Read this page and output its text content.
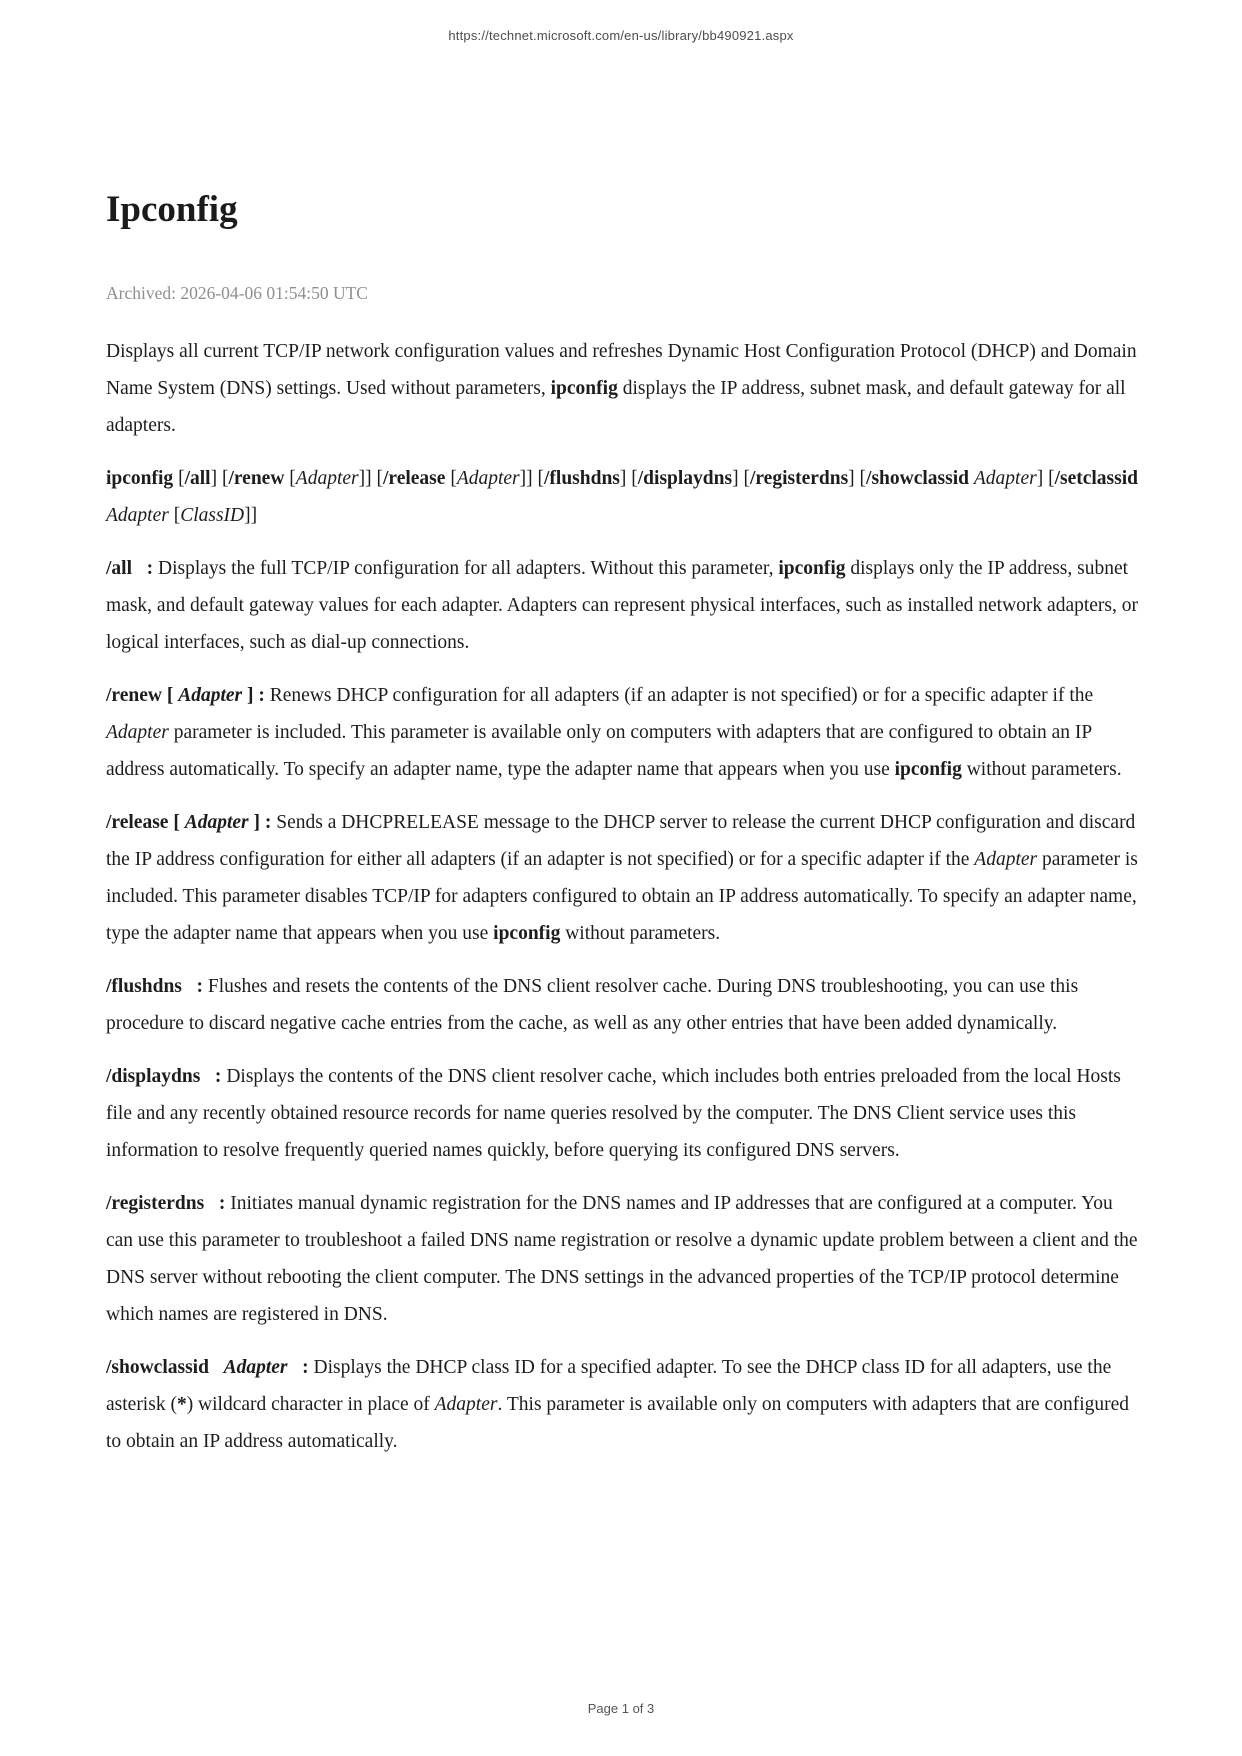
https://technet.microsoft.com/en-us/library/bb490921.aspx
Ipconfig
Archived: 2026-04-06 01:54:50 UTC

Displays all current TCP/IP network configuration values and refreshes Dynamic Host Configuration Protocol (DHCP) and Domain Name System (DNS) settings. Used without parameters, ipconfig displays the IP address, subnet mask, and default gateway for all adapters.

ipconfig [/all] [/renew [Adapter]] [/release [Adapter]] [/flushdns] [/displaydns] [/registerdns] [/showclassid Adapter] [/setclassid Adapter [ClassID]]

/all   : Displays the full TCP/IP configuration for all adapters. Without this parameter, ipconfig displays only the IP address, subnet mask, and default gateway values for each adapter. Adapters can represent physical interfaces, such as installed network adapters, or logical interfaces, such as dial-up connections.

/renew [ Adapter ] : Renews DHCP configuration for all adapters (if an adapter is not specified) or for a specific adapter if the Adapter parameter is included. This parameter is available only on computers with adapters that are configured to obtain an IP address automatically. To specify an adapter name, type the adapter name that appears when you use ipconfig without parameters.

/release [ Adapter ] : Sends a DHCPRELEASE message to the DHCP server to release the current DHCP configuration and discard the IP address configuration for either all adapters (if an adapter is not specified) or for a specific adapter if the Adapter parameter is included. This parameter disables TCP/IP for adapters configured to obtain an IP address automatically. To specify an adapter name, type the adapter name that appears when you use ipconfig without parameters.

/flushdns   : Flushes and resets the contents of the DNS client resolver cache. During DNS troubleshooting, you can use this procedure to discard negative cache entries from the cache, as well as any other entries that have been added dynamically.

/displaydns   : Displays the contents of the DNS client resolver cache, which includes both entries preloaded from the local Hosts file and any recently obtained resource records for name queries resolved by the computer. The DNS Client service uses this information to resolve frequently queried names quickly, before querying its configured DNS servers.

/registerdns   : Initiates manual dynamic registration for the DNS names and IP addresses that are configured at a computer. You can use this parameter to troubleshoot a failed DNS name registration or resolve a dynamic update problem between a client and the DNS server without rebooting the client computer. The DNS settings in the advanced properties of the TCP/IP protocol determine which names are registered in DNS.

/showclassid   Adapter   : Displays the DHCP class ID for a specified adapter. To see the DHCP class ID for all adapters, use the asterisk (*) wildcard character in place of Adapter. This parameter is available only on computers with adapters that are configured to obtain an IP address automatically.

Page 1 of 3
